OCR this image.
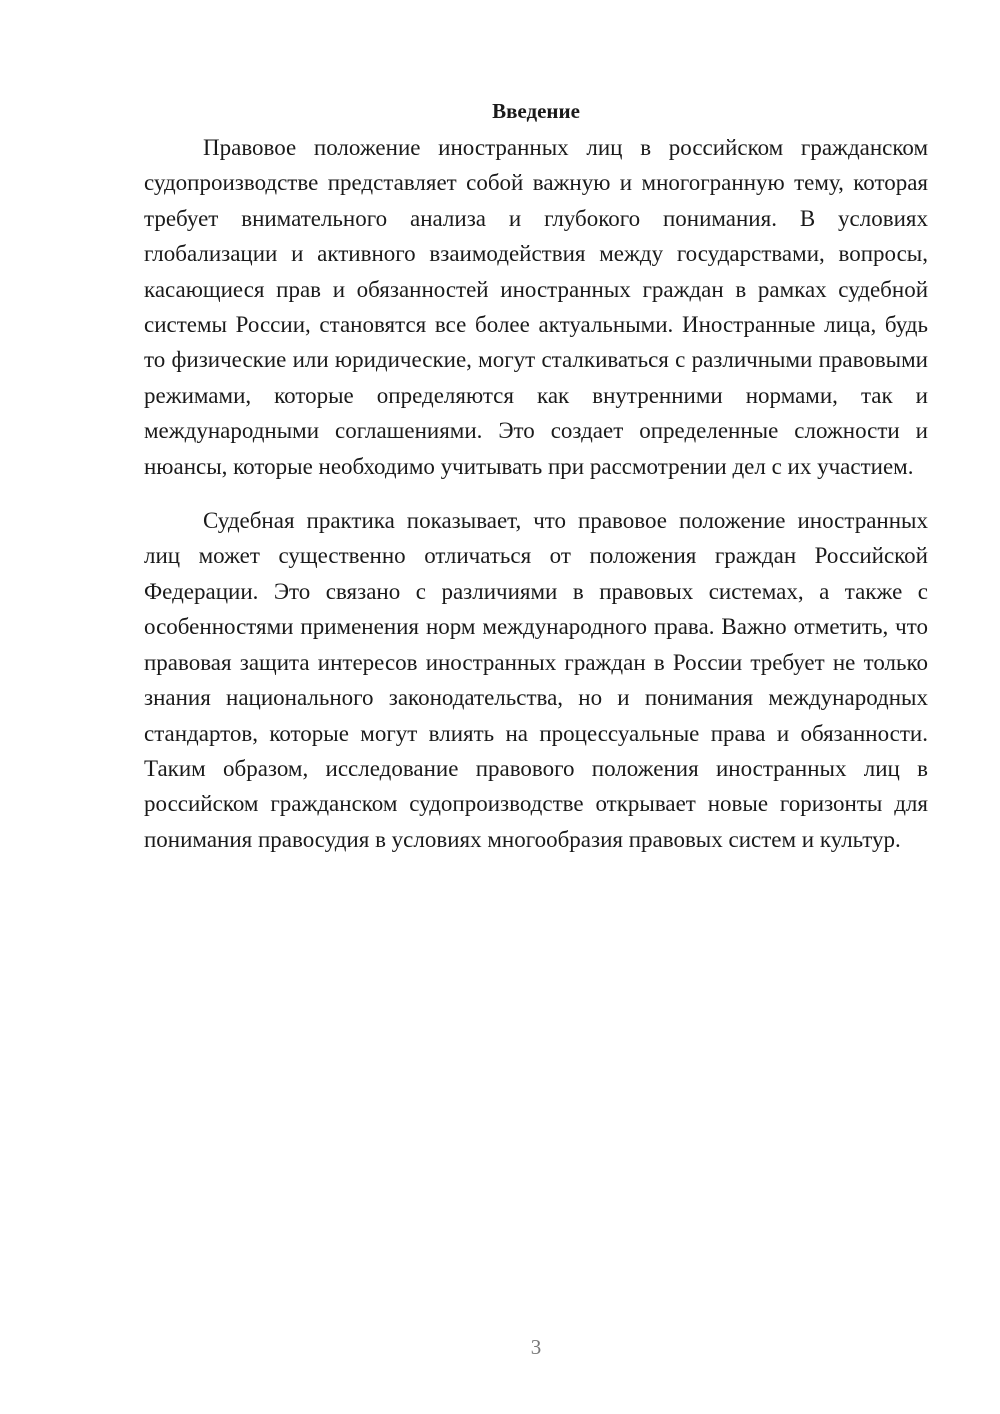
Введение

Правовое положение иностранных лиц в российском гражданском судопроизводстве представляет собой важную и многогранную тему, которая требует внимательного анализа и глубокого понимания. В условиях глобализации и активного взаимодействия между государствами, вопросы, касающиеся прав и обязанностей иностранных граждан в рамках судебной системы России, становятся все более актуальными. Иностранные лица, будь то физические или юридические, могут сталкиваться с различными правовыми режимами, которые определяются как внутренними нормами, так и международными соглашениями. Это создает определенные сложности и нюансы, которые необходимо учитывать при рассмотрении дел с их участием.

Судебная практика показывает, что правовое положение иностранных лиц может существенно отличаться от положения граждан Российской Федерации. Это связано с различиями в правовых системах, а также с особенностями применения норм международного права. Важно отметить, что правовая защита интересов иностранных граждан в России требует не только знания национального законодательства, но и понимания международных стандартов, которые могут влиять на процессуальные права и обязанности. Таким образом, исследование правового положения иностранных лиц в российском гражданском судопроизводстве открывает новые горизонты для понимания правосудия в условиях многообразия правовых систем и культур.

3
